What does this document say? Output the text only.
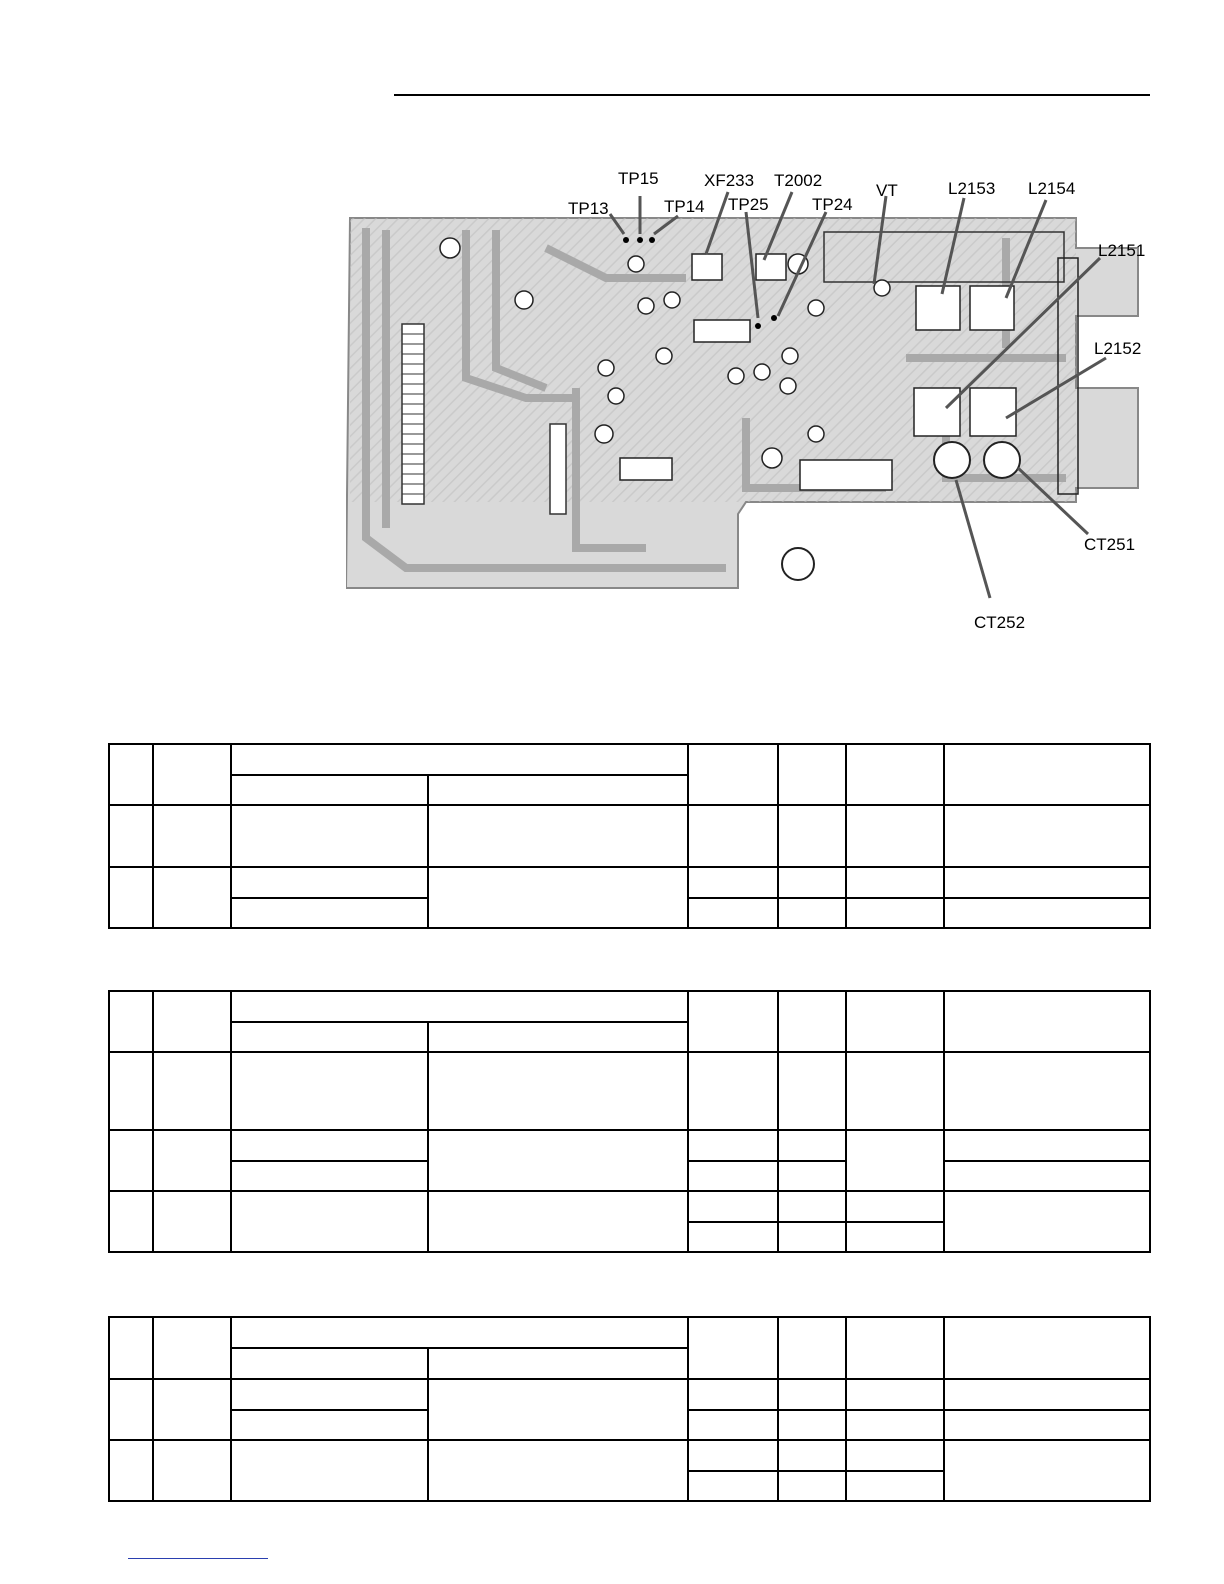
TP15	XF233 T2002
VT	L2153 L2154
TP13	TP14 TP25	TP24
L2151
L2152
CT251
CT252
